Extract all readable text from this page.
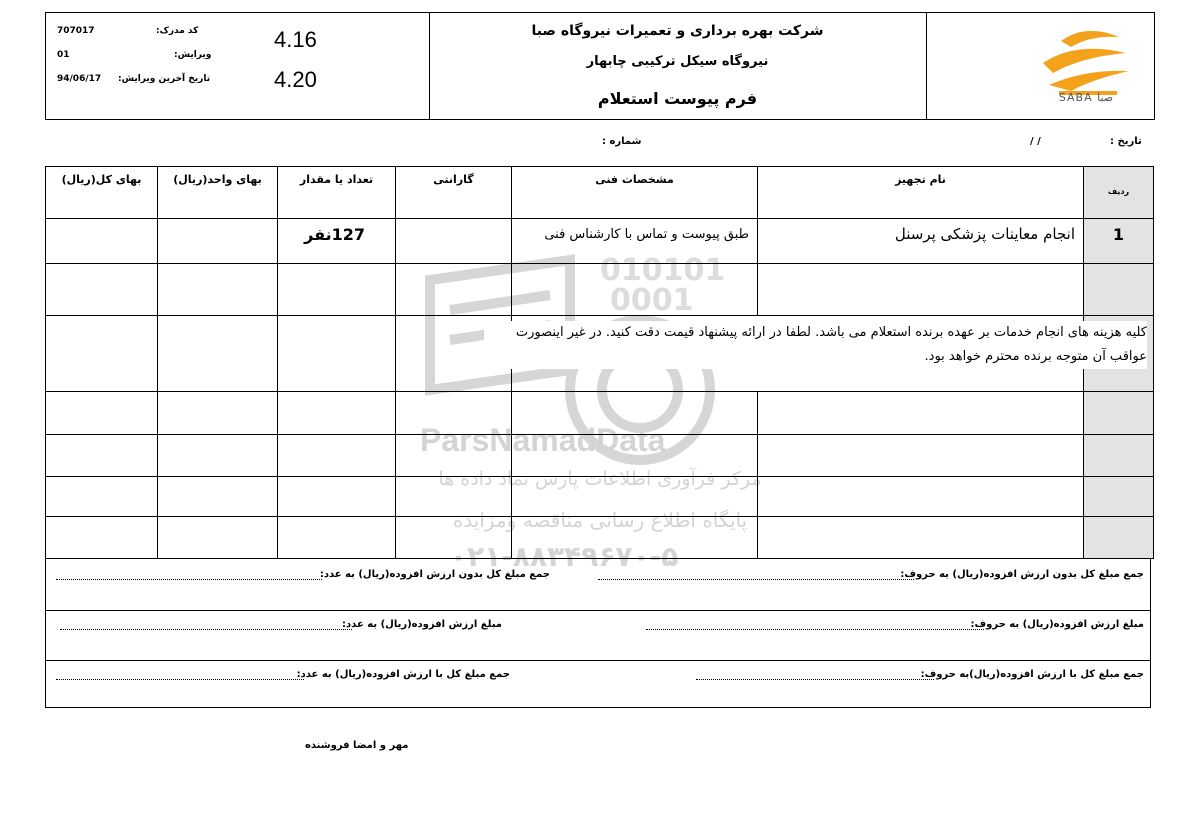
707017	کد مدرک:
01	ویرایش:
94/06/17 تاریخ آخرین ویرایش:
4.16
4.20
شرکت بهره برداری و تعمیرات نیروگاه صبا
نیروگاه سیکل ترکیبی چابهار
فرم پیوست استعلام	SABA صبا
تاریخ :
/ /
شماره :
010101
0001
ParsNamadData
مرکز فرآوری اطلاعات پارس نماد داده ها
پایگاه اطلاع رسانی مناقصه ومزایده
۰۲۱-۸۸۳۴۹۶۷۰-۵
بهای کل(ریال)	بهای واحد(ریال)	تعداد یا مقدار	گارانتی	مشخصات فنی	نام تجهیز	ردیف
		127نفر		طبق پیوست و تماس با کارشناس فنی	انجام معاینات پزشکی پرسنل	1

				کلیه هزینه های انجام خدمات بر عهده برنده استعلام می باشد. لطفا در ارائه پیشنهاد قیمت دقت کنید. در غیر اینصورت عواقب آن متوجه برنده محترم خواهد بود.		

جمع مبلغ کل بدون ارزش افزوده(ریال) به حروف:
جمع مبلغ کل بدون ارزش افزوده(ریال) به عدد:
مبلغ ارزش افزوده(ریال) به حروف:
مبلغ ارزش افزوده(ریال) به عدد:
جمع مبلغ کل با ارزش افزوده(ریال)به حروف:
جمع مبلغ کل با ارزش افزوده(ریال) به عدد:
مهر و امضا فروشنده
